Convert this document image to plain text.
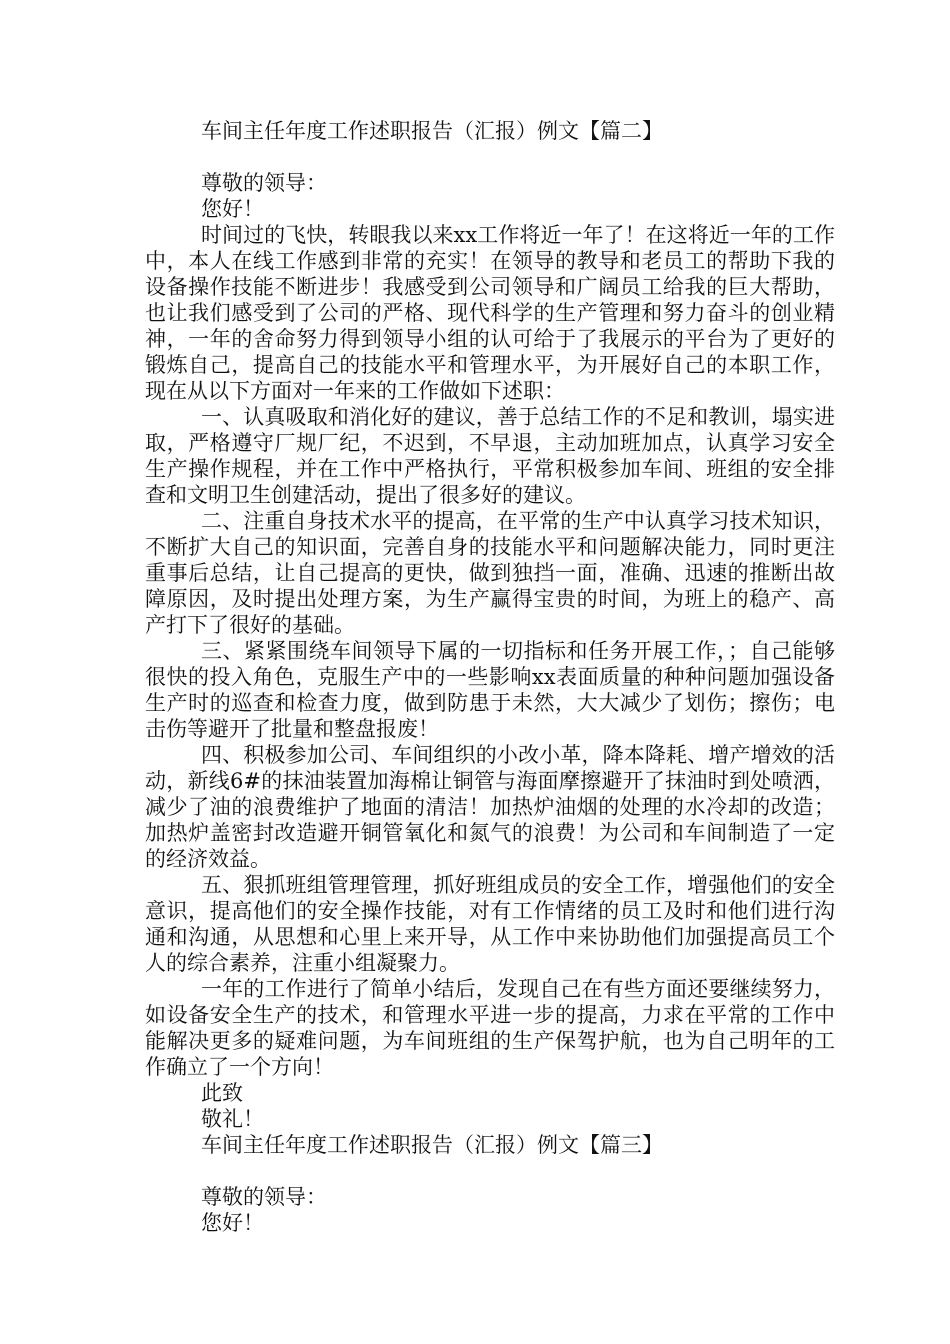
车间主任年度工作述职报告（汇报）例文【篇二】
尊敬的领导：
您好！
时间过的飞快，转眼我以来xx工作将近一年了！在这将近一年的工作中，本人在线工作感到非常的充实！在领导的教导和老员工的帮助下我的设备操作技能不断进步！我感受到公司领导和广阔员工给我的巨大帮助，也让我们感受到了公司的严格、现代科学的生产管理和努力奋斗的创业精神，一年的舍命努力得到领导小组的认可给于了我展示的平台为了更好的锻炼自己，提高自己的技能水平和管理水平，为开展好自己的本职工作，现在从以下方面对一年来的工作做如下述职：
一、认真吸取和消化好的建议，善于总结工作的不足和教训，塌实进取，严格遵守厂规厂纪，不迟到，不早退，主动加班加点，认真学习安全生产操作规程，并在工作中严格执行，平常积极参加车间、班组的安全排查和文明卫生创建活动，提出了很多好的建议。
二、注重自身技术水平的提高，在平常的生产中认真学习技术知识，不断扩大自己的知识面，完善自身的技能水平和问题解决能力，同时更注重事后总结，让自己提高的更快，做到独挡一面，准确、迅速的推断出故障原因，及时提出处理方案，为生产赢得宝贵的时间，为班上的稳产、高产打下了很好的基础。
三、紧紧围绕车间领导下属的一切指标和任务开展工作，；自己能够很快的投入角色，克服生产中的一些影响xx表面质量的种种问题加强设备生产时的巡查和检查力度，做到防患于未然，大大减少了划伤；擦伤；电击伤等避开了批量和整盘报废！
四、积极参加公司、车间组织的小改小革，降本降耗、增产增效的活动，新线6#的抹油装置加海棉让铜管与海面摩擦避开了抹油时到处喷洒，减少了油的浪费维护了地面的清洁！加热炉油烟的处理的水冷却的改造；加热炉盖密封改造避开铜管氧化和氮气的浪费！为公司和车间制造了一定的经济效益。
五、狠抓班组管理管理，抓好班组成员的安全工作，增强他们的安全意识，提高他们的安全操作技能，对有工作情绪的员工及时和他们进行沟通和沟通，从思想和心里上来开导，从工作中来协助他们加强提高员工个人的综合素养，注重小组凝聚力。
一年的工作进行了简单小结后，发现自己在有些方面还要继续努力，如设备安全生产的技术，和管理水平进一步的提高，力求在平常的工作中能解决更多的疑难问题，为车间班组的生产保驾护航，也为自己明年的工作确立了一个方向！
此致
敬礼！
车间主任年度工作述职报告（汇报）例文【篇三】
尊敬的领导：
您好！
